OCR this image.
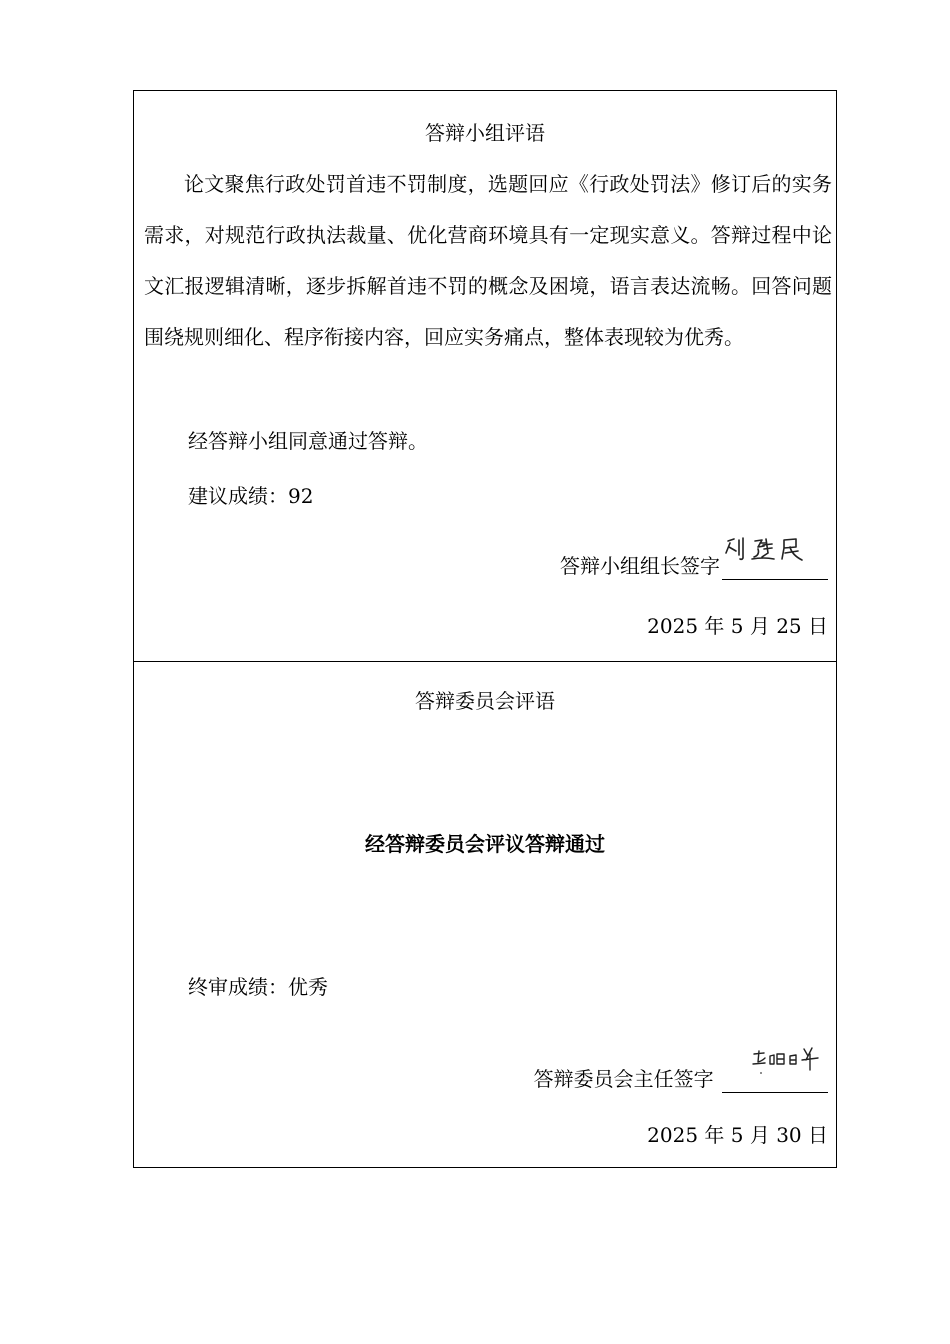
答辩小组评语

论文聚焦行政处罚首违不罚制度，选题回应《行政处罚法》修订后的实务需求，对规范行政执法裁量、优化营商环境具有一定现实意义。答辩过程中论文汇报逻辑清晰，逐步拆解首违不罚的概念及困境，语言表达流畅。回答问题围绕规则细化、程序衔接内容，回应实务痛点，整体表现较为优秀。

经答辩小组同意通过答辩。
建议成绩：92
答辩小组组长签字
2025 年 5 月 25 日
答辩委员会评语
经答辩委员会评议答辩通过
终审成绩：优秀
答辩委员会主任签字
2025 年 5 月 30 日
